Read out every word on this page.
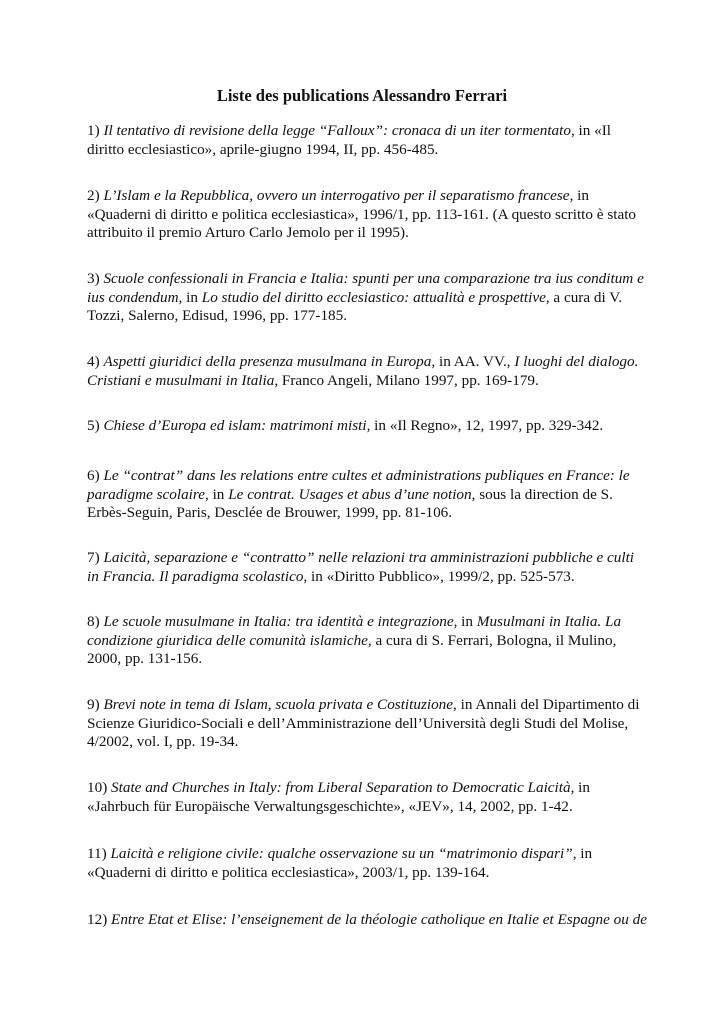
Liste des publications Alessandro Ferrari

1) Il tentativo di revisione della legge “Falloux”: cronaca di un iter tormentato, in «Il diritto ecclesiastico», aprile-giugno 1994, II, pp. 456-485.

2) L’Islam e la Repubblica, ovvero un interrogativo per il separatismo francese, in «Quaderni di diritto e politica ecclesiastica», 1996/1, pp. 113-161. (A questo scritto è stato attribuito il premio Arturo Carlo Jemolo per il 1995).

3) Scuole confessionali in Francia e Italia: spunti per una comparazione tra ius conditum e ius condendum, in Lo studio del diritto ecclesiastico: attualità e prospettive, a cura di V. Tozzi, Salerno, Edisud, 1996, pp. 177-185.

4) Aspetti giuridici della presenza musulmana in Europa, in AA. VV., I luoghi del dialogo. Cristiani e musulmani in Italia, Franco Angeli, Milano 1997, pp. 169-179.

5) Chiese d’Europa ed islam: matrimoni misti, in «Il Regno», 12, 1997, pp. 329-342.

6) Le “contrat” dans les relations entre cultes et administrations publiques en France: le paradigme scolaire, in Le contrat. Usages et abus d’une notion, sous la direction de S. Erbès-Seguin, Paris, Desclée de Brouwer, 1999, pp. 81-106.

7) Laicità, separazione e “contratto” nelle relazioni tra amministrazioni pubbliche e culti in Francia. Il paradigma scolastico, in «Diritto Pubblico», 1999/2, pp. 525-573.

8) Le scuole musulmane in Italia: tra identità e integrazione, in Musulmani in Italia. La condizione giuridica delle comunità islamiche, a cura di S. Ferrari, Bologna, il Mulino, 2000, pp. 131-156.

9) Brevi note in tema di Islam, scuola privata e Costituzione, in Annali del Dipartimento di Scienze Giuridico-Sociali e dell’Amministrazione dell’Università degli Studi del Molise, 4/2002, vol. I, pp. 19-34.

10) State and Churches in Italy: from Liberal Separation to Democratic Laicità, in «Jahrbuch für Europäische Verwaltungsgeschichte», «JEV», 14, 2002, pp. 1-42.

11) Laicità e religione civile: qualche osservazione su un “matrimonio dispari”, in «Quaderni di diritto e politica ecclesiastica», 2003/1, pp. 139-164.

12) Entre Etat et Elise: l’enseignement de la théologie catholique en Italie et Espagne ou de
